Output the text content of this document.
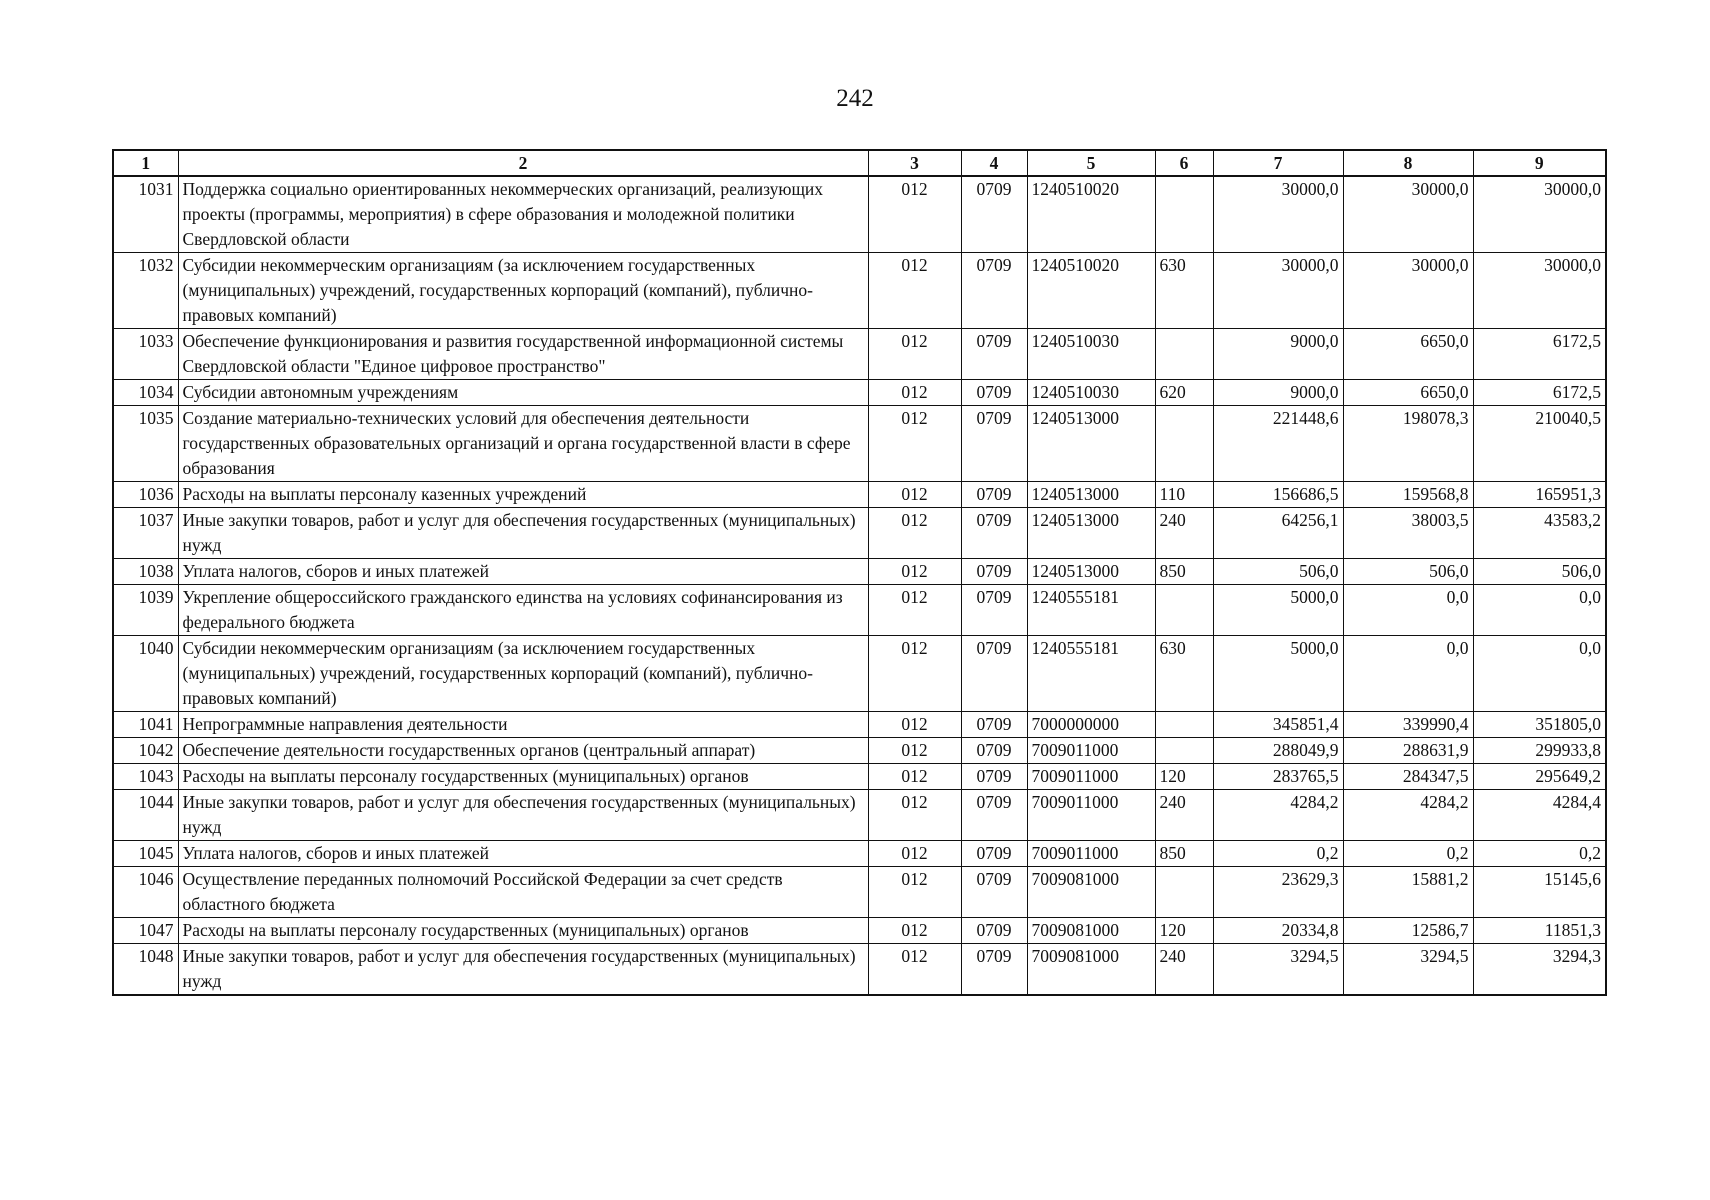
242
1	2	3	4	5	6	7	8	9
1031	Поддержка социально ориентированных некоммерческих организаций, реализующих проекты (программы, мероприятия) в сфере образования и молодежной политики Свердловской области	012	0709	1240510020		30000,0	30000,0	30000,0
1032	Субсидии некоммерческим организациям (за исключением государственных (муниципальных) учреждений, государственных корпораций (компаний), публично-правовых компаний)	012	0709	1240510020	630	30000,0	30000,0	30000,0
1033	Обеспечение функционирования и развития государственной информационной системы Свердловской области "Единое цифровое пространство"	012	0709	1240510030		9000,0	6650,0	6172,5
1034	Субсидии автономным учреждениям	012	0709	1240510030	620	9000,0	6650,0	6172,5
1035	Создание материально-технических условий для обеспечения деятельности государственных образовательных организаций и органа государственной власти в сфере образования	012	0709	1240513000		221448,6	198078,3	210040,5
1036	Расходы на выплаты персоналу казенных учреждений	012	0709	1240513000	110	156686,5	159568,8	165951,3
1037	Иные закупки товаров, работ и услуг для обеспечения государственных (муниципальных) нужд	012	0709	1240513000	240	64256,1	38003,5	43583,2
1038	Уплата налогов, сборов и иных платежей	012	0709	1240513000	850	506,0	506,0	506,0
1039	Укрепление общероссийского гражданского единства на условиях софинансирования из федерального бюджета	012	0709	1240555181		5000,0	0,0	0,0
1040	Субсидии некоммерческим организациям (за исключением государственных (муниципальных) учреждений, государственных корпораций (компаний), публично-правовых компаний)	012	0709	1240555181	630	5000,0	0,0	0,0
1041	Непрограммные направления деятельности	012	0709	7000000000		345851,4	339990,4	351805,0
1042	Обеспечение деятельности государственных органов (центральный аппарат)	012	0709	7009011000		288049,9	288631,9	299933,8
1043	Расходы на выплаты персоналу государственных (муниципальных) органов	012	0709	7009011000	120	283765,5	284347,5	295649,2
1044	Иные закупки товаров, работ и услуг для обеспечения государственных (муниципальных) нужд	012	0709	7009011000	240	4284,2	4284,2	4284,4
1045	Уплата налогов, сборов и иных платежей	012	0709	7009011000	850	0,2	0,2	0,2
1046	Осуществление переданных полномочий Российской Федерации за счет средств областного бюджета	012	0709	7009081000		23629,3	15881,2	15145,6
1047	Расходы на выплаты персоналу государственных (муниципальных) органов	012	0709	7009081000	120	20334,8	12586,7	11851,3
1048	Иные закупки товаров, работ и услуг для обеспечения государственных (муниципальных) нужд	012	0709	7009081000	240	3294,5	3294,5	3294,3
